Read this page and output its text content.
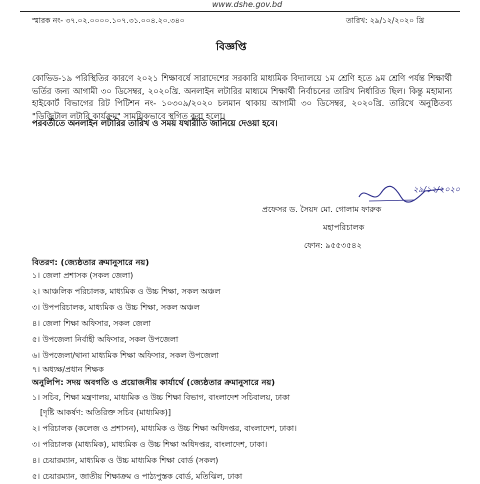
www.dshe.gov.bd
স্মারক নং- ৩৭.০২.০০০০.১০৭.৩১.০০৪.২০.৩৪০	তারিখ: ২৯/১২/২০২০ খ্রি
বিজ্ঞপ্তি
কোভিড-১৯ পরিস্থিতির কারণে ২০২১ শিক্ষাবর্ষে সারাদেশের সরকারি মাধ্যমিক বিদ্যালয়ে ১ম শ্রেণি হতে ৯ম শ্রেণি পর্যন্ত শিক্ষার্থী ভর্তির জন্য আগামী ৩০ ডিসেম্বর, ২০২০খ্রি. অনলাইন লটারির মাধ্যমে শিক্ষার্থী নির্বাচনের তারিখ নির্ধারিত ছিল। কিন্তু মহামান্য হাইকোর্ট বিভাগের রিট পিটিশন নং- ১০৩০৯/২০২০ চলমান থাকায় আগামী ৩০ ডিসেম্বর, ২০২০খ্রি. তারিখে অনুষ্ঠিতব্য "ডিজিটাল লটারি কার্যক্রম" সাময়িকভাবে স্থগিত করা হলো।
পরবর্তীতে অনলাইন লটারির তারিখ ও সময় যথারীতি জানিয়ে দেওয়া হবে।
২৯/১২/২০২০
প্রফেসর ড. সৈয়দ মো. গোলাম ফারুক
মহাপরিচালক
ফোন: ৯৫৫৩৫৪২
বিতরণ: (জ্যেষ্ঠতার ক্রমানুসারে নয়)
১। জেলা প্রশাসক (সকল জেলা)
২। আঞ্চলিক পরিচালক, মাধ্যমিক ও উচ্চ শিক্ষা, সকল অঞ্চল
৩। উপপরিচালক, মাধ্যমিক ও উচ্চ শিক্ষা, সকল অঞ্চল
৪। জেলা শিক্ষা অফিসার, সকল জেলা
৫। উপজেলা নির্বাহী অফিসার, সকল উপজেলা
৬। উপজেলা/থানা মাধ্যমিক শিক্ষা অফিসার, সকল উপজেলা
৭। অধ্যক্ষ/প্রধান শিক্ষক
অনুলিপি: সদয় অবগতি ও প্রয়োজনীয় কার্যার্থে (জ্যেষ্ঠতার ক্রমানুসারে নয়)
১। সচিব, শিক্ষা মন্ত্রণালয়, মাধ্যমিক ও উচ্চ শিক্ষা বিভাগ, বাংলাদেশ সচিবালয়, ঢাকা
[দৃষ্টি আকর্ষণ: অতিরিক্ত সচিব (মাধ্যমিক)]
২। পরিচালক (কলেজ ও প্রশাসন), মাধ্যমিক ও উচ্চ শিক্ষা অধিদপ্তর, বাংলাদেশ, ঢাকা।
৩। পরিচালক (মাধ্যমিক), মাধ্যমিক ও উচ্চ শিক্ষা অধিদপ্তর, বাংলাদেশ, ঢাকা।
৪। চেয়ারম্যান, মাধ্যমিক ও উচ্চ মাধ্যমিক শিক্ষা বোর্ড (সকল)
৫। চেয়ারম্যান, জাতীয় শিক্ষাক্রম ও পাঠ্যপুস্তক বোর্ড, মতিঝিল, ঢাকা
